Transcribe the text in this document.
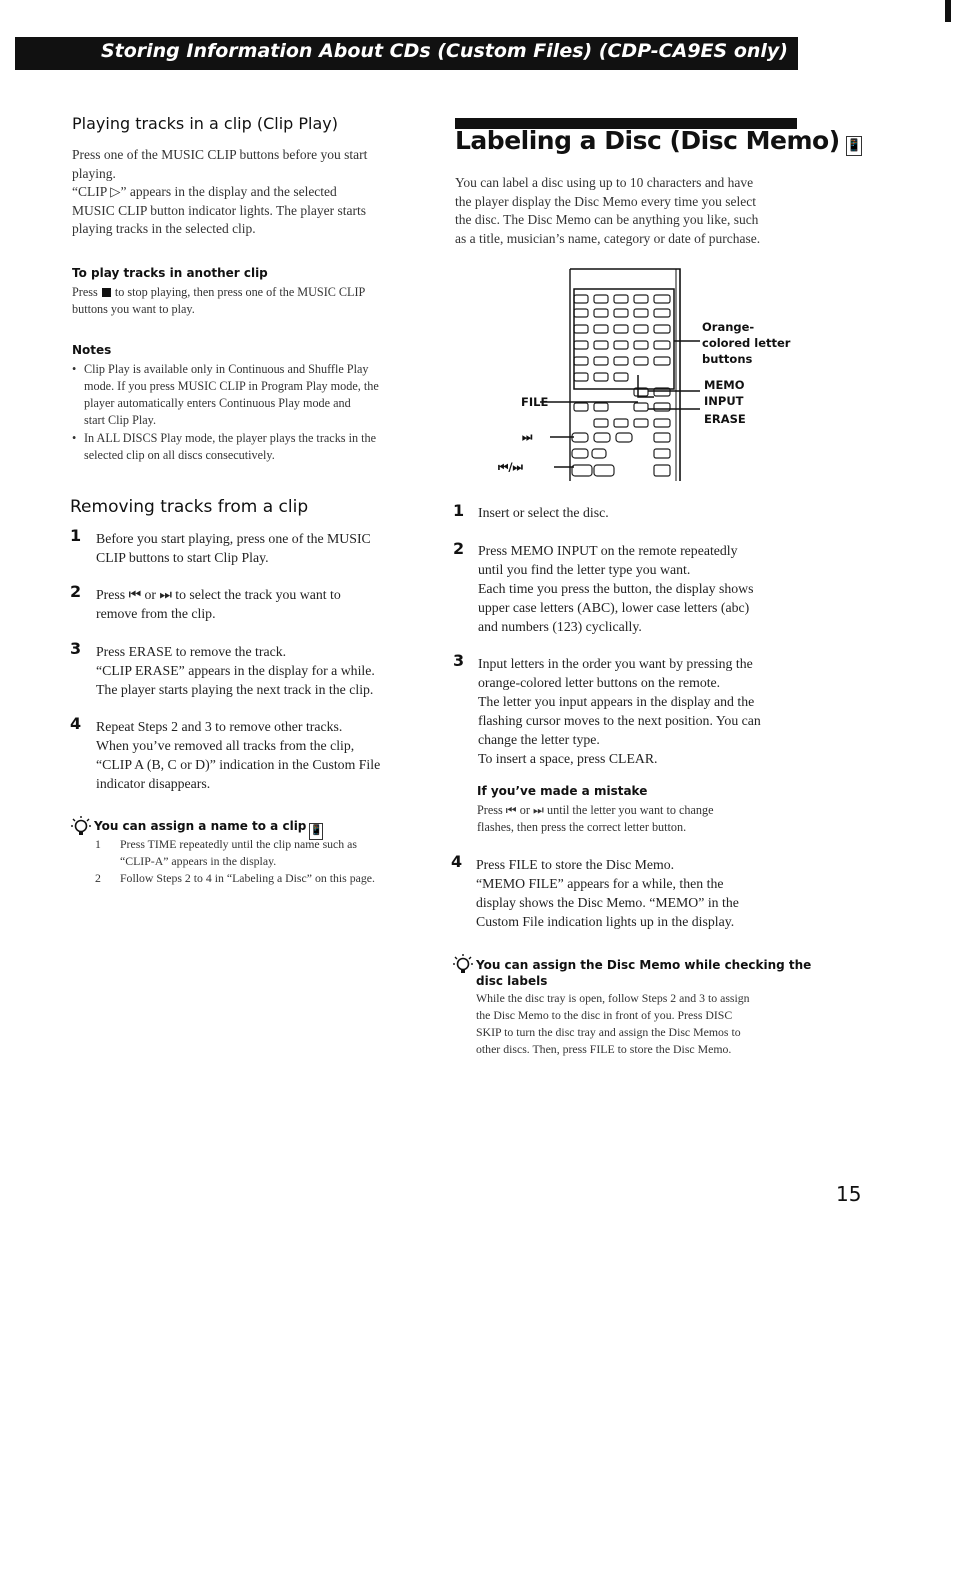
Storing Information About CDs (Custom Files) (CDP-CA9ES only)
Playing tracks in a clip (Clip Play)
Press one of the MUSIC CLIP buttons before you start
playing.
“CLIP ▷” appears in the display and the selected
MUSIC CLIP button indicator lights. The player starts
playing tracks in the selected clip.
To play tracks in another clip
Press to stop playing, then press one of the MUSIC CLIP
buttons you want to play.
Notes
• Clip Play is available only in Continuous and Shuffle Play
mode. If you press MUSIC CLIP in Program Play mode, the
player automatically enters Continuous Play mode and
start Clip Play.
• In ALL DISCS Play mode, the player plays the tracks in the
selected clip on all discs consecutively.
Removing tracks from a clip
1 Before you start playing, press one of the MUSIC
CLIP buttons to start Clip Play.
2 Press ⏮ or ⏭ to select the track you want to
remove from the clip.
3 Press ERASE to remove the track.
“CLIP ERASE” appears in the display for a while.
The player starts playing the next track in the clip.
4 Repeat Steps 2 and 3 to remove other tracks.
When you’ve removed all tracks from the clip,
“CLIP A (B, C or D)” indication in the Custom File
indicator disappears.
You can assign a name to a clip 📱
1 Press TIME repeatedly until the clip name such as
“CLIP-A” appears in the display.
2 Follow Steps 2 to 4 in “Labeling a Disc” on this page.
Labeling a Disc (Disc Memo) 📱
You can label a disc using up to 10 characters and have
the player display the Disc Memo every time you select
the disc. The Disc Memo can be anything you like, such
as a title, musician’s name, category or date of purchase.
Orange-
colored letter
buttons
MEMO
INPUT
ERASE
FILE
⏭
⏮/⏭
1 Insert or select the disc.
2 Press MEMO INPUT on the remote repeatedly
until you find the letter type you want.
Each time you press the button, the display shows
upper case letters (ABC), lower case letters (abc)
and numbers (123) cyclically.
3 Input letters in the order you want by pressing the
orange-colored letter buttons on the remote.
The letter you input appears in the display and the
flashing cursor moves to the next position. You can
change the letter type.
To insert a space, press CLEAR.
If you’ve made a mistake
Press ⏮ or ⏭ until the letter you want to change
flashes, then press the correct letter button.
4 Press FILE to store the Disc Memo.
“MEMO FILE” appears for a while, then the
display shows the Disc Memo. “MEMO” in the
Custom File indication lights up in the display.
You can assign the Disc Memo while checking the
disc labels
While the disc tray is open, follow Steps 2 and 3 to assign
the Disc Memo to the disc in front of you. Press DISC
SKIP to turn the disc tray and assign the Disc Memos to
other discs. Then, press FILE to store the Disc Memo.
15
